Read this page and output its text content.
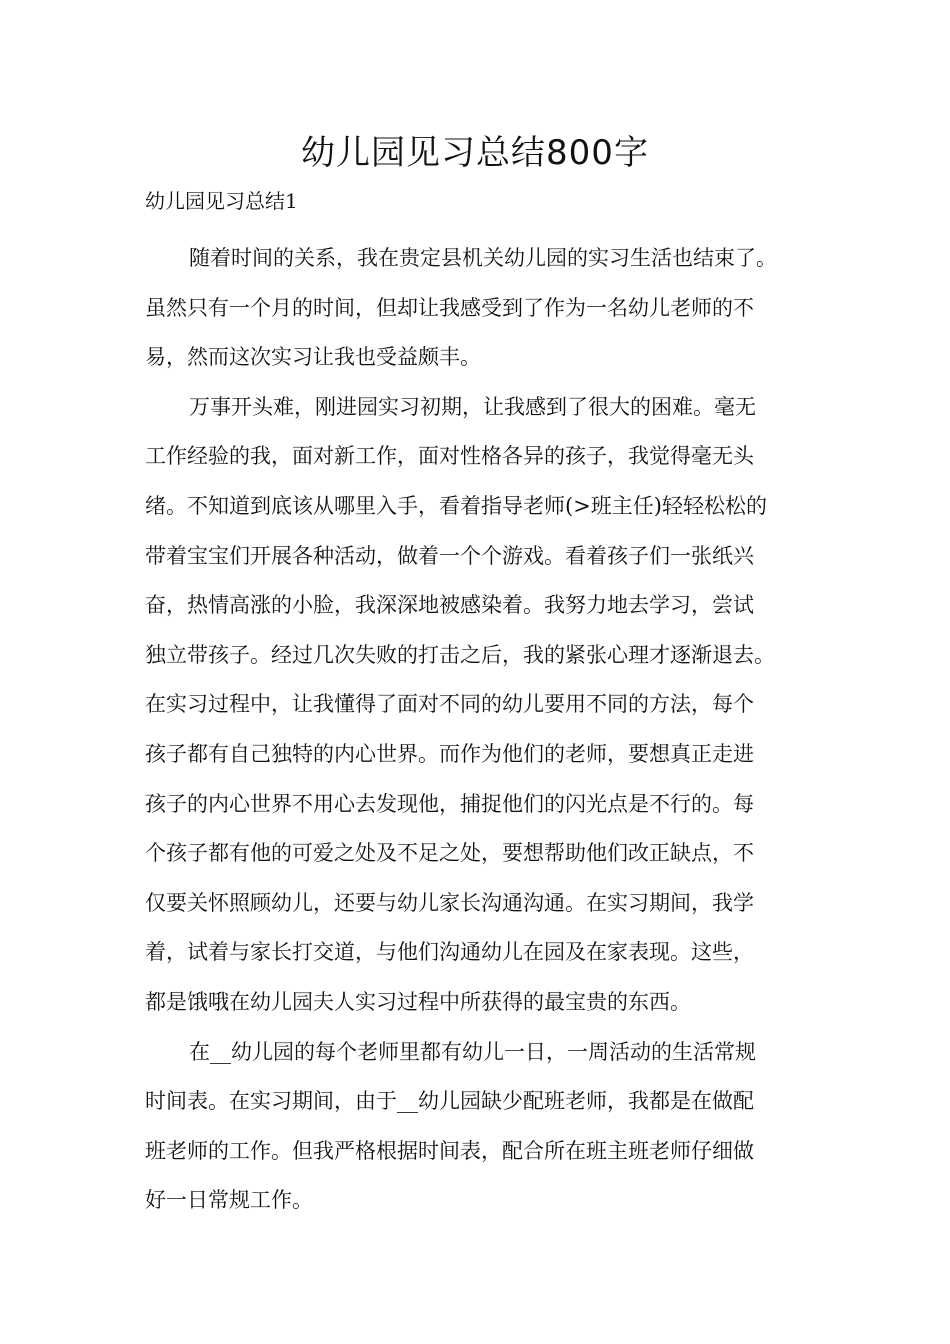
幼儿园见习总结800字

幼儿园见习总结1

随着时间的关系，我在贵定县机关幼儿园的实习生活也结束了。
虽然只有一个月的时间，但却让我感受到了作为一名幼儿老师的不
易，然而这次实习让我也受益颇丰。
万事开头难，刚进园实习初期，让我感到了很大的困难。毫无
工作经验的我，面对新工作，面对性格各异的孩子，我觉得毫无头
绪。不知道到底该从哪里入手，看着指导老师(>班主任)轻轻松松的
带着宝宝们开展各种活动，做着一个个游戏。看着孩子们一张纸兴
奋，热情高涨的小脸，我深深地被感染着。我努力地去学习，尝试
独立带孩子。经过几次失败的打击之后，我的紧张心理才逐渐退去。
在实习过程中，让我懂得了面对不同的幼儿要用不同的方法，每个
孩子都有自己独特的内心世界。而作为他们的老师，要想真正走进
孩子的内心世界不用心去发现他，捕捉他们的闪光点是不行的。每
个孩子都有他的可爱之处及不足之处，要想帮助他们改正缺点，不
仅要关怀照顾幼儿，还要与幼儿家长沟通沟通。在实习期间，我学
着，试着与家长打交道，与他们沟通幼儿在园及在家表现。这些，
都是饿哦在幼儿园夫人实习过程中所获得的最宝贵的东西。
在__幼儿园的每个老师里都有幼儿一日，一周活动的生活常规
时间表。在实习期间，由于__幼儿园缺少配班老师，我都是在做配
班老师的工作。但我严格根据时间表，配合所在班主班老师仔细做
好一日常规工作。
